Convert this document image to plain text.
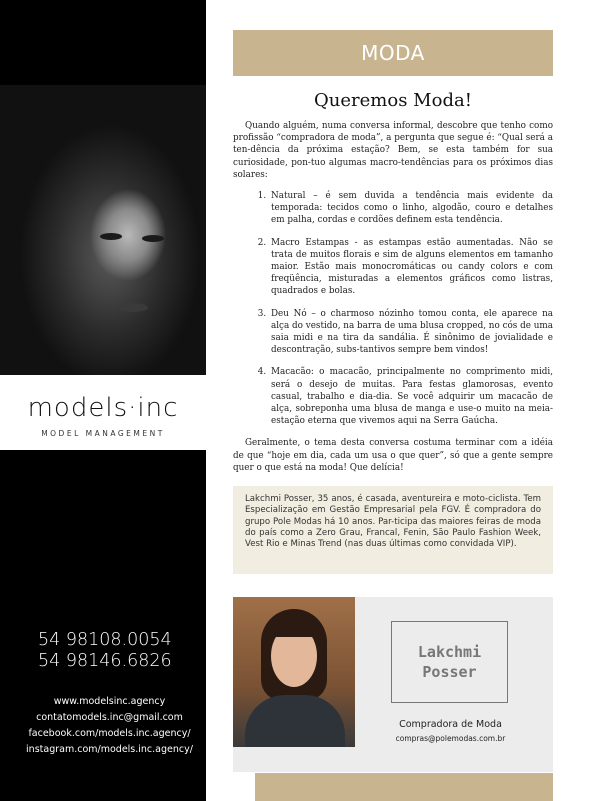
models·inc
MODEL MANAGEMENT
54 98108.0054
54 98146.6826
www.modelsinc.agency
contatomodels.inc@gmail.com
facebook.com/models.inc.agency/
instagram.com/models.inc.agency/
MODA
Queremos Moda!

Quando alguém, numa conversa informal, descobre que tenho como profissão “compradora de moda”, a pergunta que segue é: “Qual será a ten-dência da próxima estação? Bem, se esta também for sua curiosidade, pon-tuo algumas macro-tendências para os próximos dias solares:

1. Natural – é sem duvida a tendência mais evidente da temporada: tecidos como o linho, algodão, couro e detalhes em palha, cordas e cordões definem esta tendência.
2. Macro Estampas - as estampas estão aumentadas. Não se trata de muitos florais e sim de alguns elementos em tamanho maior. Estão mais monocromáticas ou candy colors e com freqüência, misturadas a elementos gráficos como listras, quadrados e bolas.
3. Deu Nó – o charmoso nózinho tomou conta, ele aparece na alça do vestido, na barra de uma blusa cropped, no cós de uma saia midi e na tira da sandália. É sinônimo de jovialidade e descontração, subs-tantivos sempre bem vindos!
4. Macacão: o macacão, principalmente no comprimento midi, será o desejo de muitas. Para festas glamorosas, evento casual, trabalho e dia-dia. Se você adquirir um macacão de alça, sobreponha uma blusa de manga e use-o muito na meia-estação eterna que vivemos aqui na Serra Gaúcha.

Geralmente, o tema desta conversa costuma terminar com a idéia de que “hoje em dia, cada um usa o que quer”, só que a gente sempre quer o que está na moda! Que delícia!

Lakchmi Posser, 35 anos, é casada, aventureira e moto-ciclista. Tem Especialização em Gestão Empresarial pela FGV. É compradora do grupo Pole Modas há 10 anos. Par-ticipa das maiores feiras de moda do país como a Zero Grau, Francal, Fenin, São Paulo Fashion Week, Vest Rio e Minas Trend (nas duas últimas como convidada VIP).
Lakchmi
Posser
Compradora de Moda
compras@polemodas.com.br
